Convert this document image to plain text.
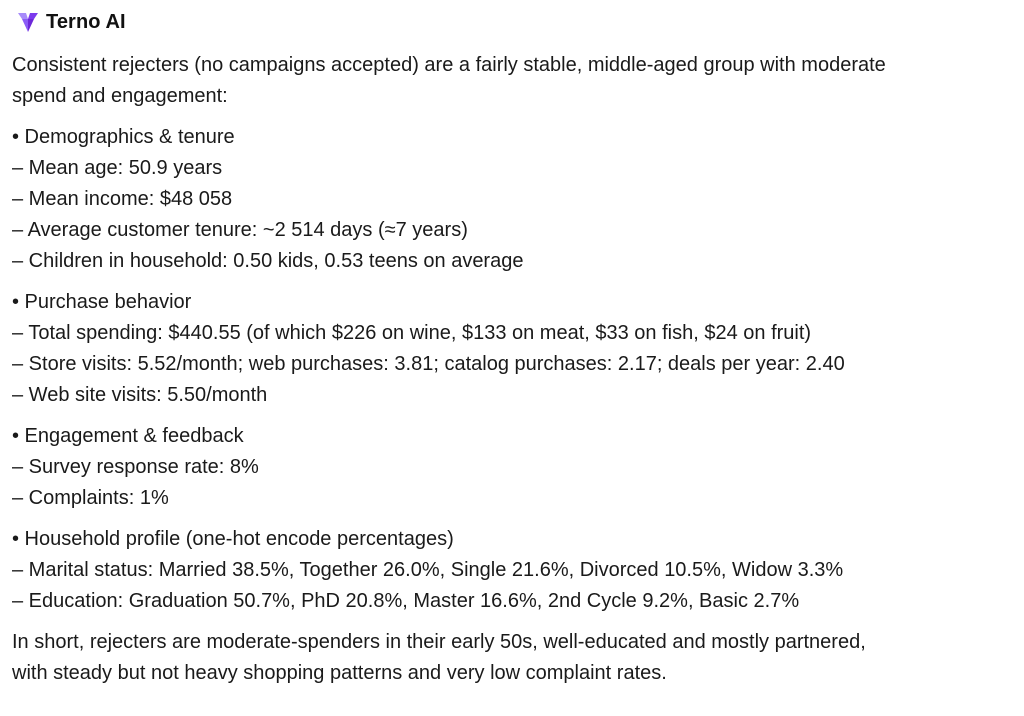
Terno AI
Consistent rejecters (no campaigns accepted) are a fairly stable, middle-aged group with moderate
spend and engagement:
• Demographics & tenure
– Mean age: 50.9 years
– Mean income: $48 058
– Average customer tenure: ~2 514 days (≈7 years)
– Children in household: 0.50 kids, 0.53 teens on average
• Purchase behavior
– Total spending: $440.55 (of which $226 on wine, $133 on meat, $33 on fish, $24 on fruit)
– Store visits: 5.52/month; web purchases: 3.81; catalog purchases: 2.17; deals per year: 2.40
– Web site visits: 5.50/month
• Engagement & feedback
– Survey response rate: 8%
– Complaints: 1%
• Household profile (one-hot encode percentages)
– Marital status: Married 38.5%, Together 26.0%, Single 21.6%, Divorced 10.5%, Widow 3.3%
– Education: Graduation 50.7%, PhD 20.8%, Master 16.6%, 2nd Cycle 9.2%, Basic 2.7%
In short, rejecters are moderate-spenders in their early 50s, well-educated and mostly partnered,
with steady but not heavy shopping patterns and very low complaint rates.
